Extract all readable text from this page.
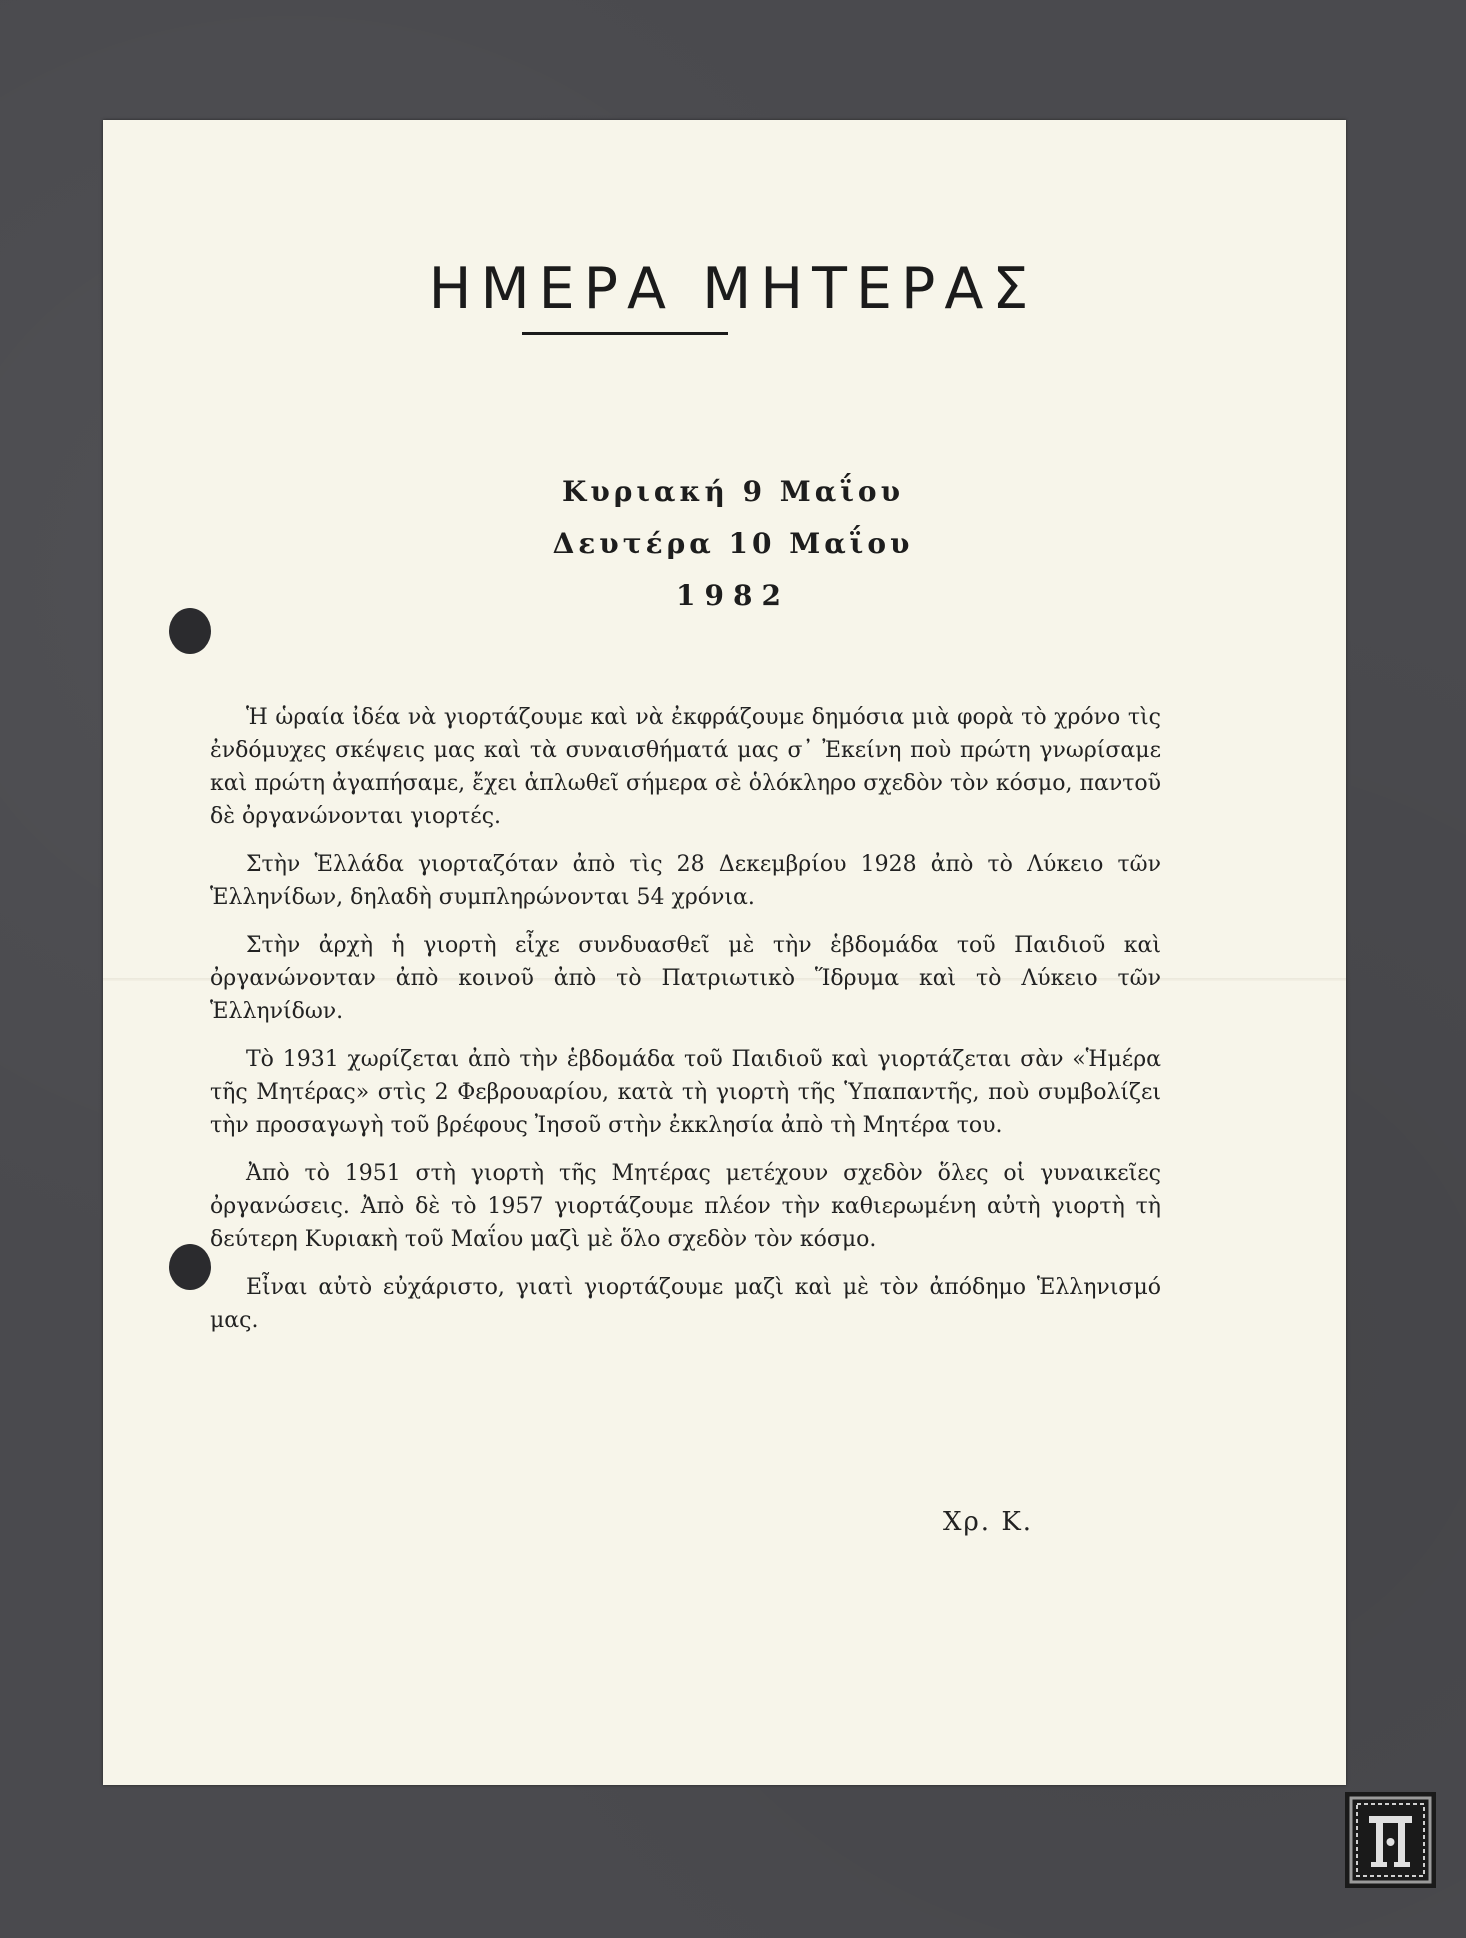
ΗΜΕΡΑ ΜΗΤΕΡΑΣ
Κυριακή 9 Μαΐου
Δευτέρα 10 Μαΐου
1982

Ἡ ὡραία ἰδέα νὰ γιορτάζουμε καὶ νὰ ἐκφράζουμε δημόσια μιὰ φορὰ τὸ χρόνο τὶς ἐνδόμυχες σκέψεις μας καὶ τὰ συναισθήματά μας σ᾽ Ἐκείνη ποὺ πρώτη γνωρίσαμε καὶ πρώτη ἀγαπήσαμε, ἔχει ἁπλωθεῖ σήμερα σὲ ὁλόκληρο σχεδὸν τὸν κόσμο, παντοῦ δὲ ὀργανώνονται γιορτές.

Στὴν Ἑλλάδα γιορταζόταν ἀπὸ τὶς 28 Δεκεμβρίου 1928 ἀπὸ τὸ Λύκειο τῶν Ἑλληνίδων, δηλαδὴ συμπληρώνονται 54 χρόνια.

Στὴν ἀρχὴ ἡ γιορτὴ εἶχε συνδυασθεῖ μὲ τὴν ἑβδομάδα τοῦ Παιδιοῦ καὶ ὀργανώνονταν ἀπὸ κοινοῦ ἀπὸ τὸ Πατριωτικὸ Ἵδρυμα καὶ τὸ Λύκειο τῶν Ἑλληνίδων.

Τὸ 1931 χωρίζεται ἀπὸ τὴν ἑβδομάδα τοῦ Παιδιοῦ καὶ γιορτάζεται σὰν «Ἡμέρα τῆς Μητέρας» στὶς 2 Φεβρουαρίου, κατὰ τὴ γιορτὴ τῆς Ὑπαπαντῆς, ποὺ συμβολίζει τὴν προσαγωγὴ τοῦ βρέφους Ἰησοῦ στὴν ἐκκλησία ἀπὸ τὴ Μητέρα του.

Ἀπὸ τὸ 1951 στὴ γιορτὴ τῆς Μητέρας μετέχουν σχεδὸν ὅλες οἱ γυναικεῖες ὀργανώσεις. Ἀπὸ δὲ τὸ 1957 γιορτάζουμε πλέον τὴν καθιερωμένη αὐτὴ γιορτὴ τὴ δεύτερη Κυριακὴ τοῦ Μαΐου μαζὶ μὲ ὅλο σχεδὸν τὸν κόσμο.

Εἶναι αὐτὸ εὐχάριστο, γιατὶ γιορτάζουμε μαζὶ καὶ μὲ τὸν ἀπόδημο Ἑλληνισμό μας.

Χρ. Κ.
